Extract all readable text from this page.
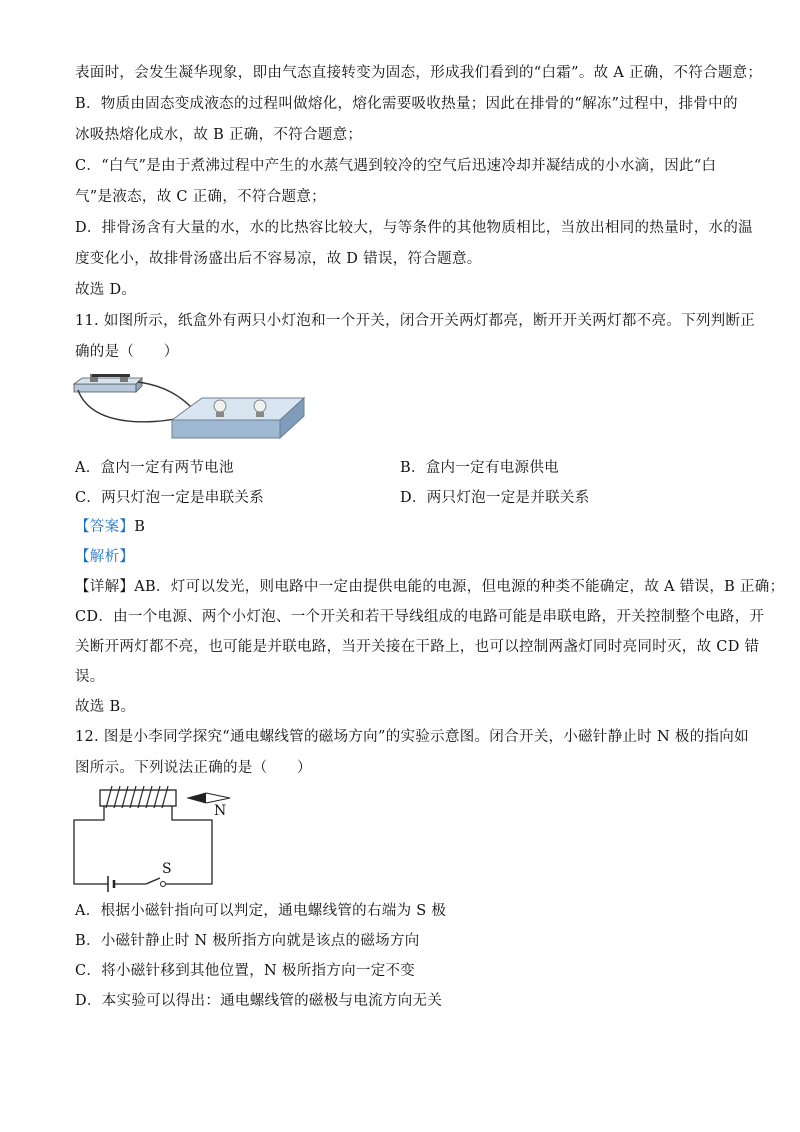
表面时，会发生凝华现象，即由气态直接转变为固态，形成我们看到的“白霜”。故 A 正确，不符合题意；
B．物质由固态变成液态的过程叫做熔化，熔化需要吸收热量；因此在排骨的“解冻”过程中，排骨中的
冰吸热熔化成水，故 B 正确，不符合题意；
C．“白气”是由于煮沸过程中产生的水蒸气遇到较冷的空气后迅速冷却并凝结成的小水滴，因此“白
气”是液态，故 C 正确，不符合题意；
D．排骨汤含有大量的水，水的比热容比较大，与等条件的其他物质相比，当放出相同的热量时，水的温
度变化小，故排骨汤盛出后不容易凉，故 D 错误，符合题意。
故选 D。
11. 如图所示，纸盒外有两只小灯泡和一个开关，闭合开关两灯都亮，断开开关两灯都不亮。下列判断正
确的是（　　）
A．盒内一定有两节电池	B．盒内一定有电源供电
C．两只灯泡一定是串联关系	D．两只灯泡一定是并联关系
【答案】B
【解析】
【详解】AB．灯可以发光，则电路中一定由提供电能的电源，但电源的种类不能确定，故 A 错误，B 正确；
CD．由一个电源、两个小灯泡、一个开关和若干导线组成的电路可能是串联电路，开关控制整个电路，开
关断开两灯都不亮，也可能是并联电路，当开关接在干路上，也可以控制两盏灯同时亮同时灭，故 CD 错
误。
故选 B。
12. 图是小李同学探究“通电螺线管的磁场方向”的实验示意图。闭合开关，小磁针静止时 N 极的指向如
图所示。下列说法正确的是（　　）
N
S
A．根据小磁针指向可以判定，通电螺线管的右端为 S 极
B．小磁针静止时 N 极所指方向就是该点的磁场方向
C．将小磁针移到其他位置，N 极所指方向一定不变
D．本实验可以得出：通电螺线管的磁极与电流方向无关
